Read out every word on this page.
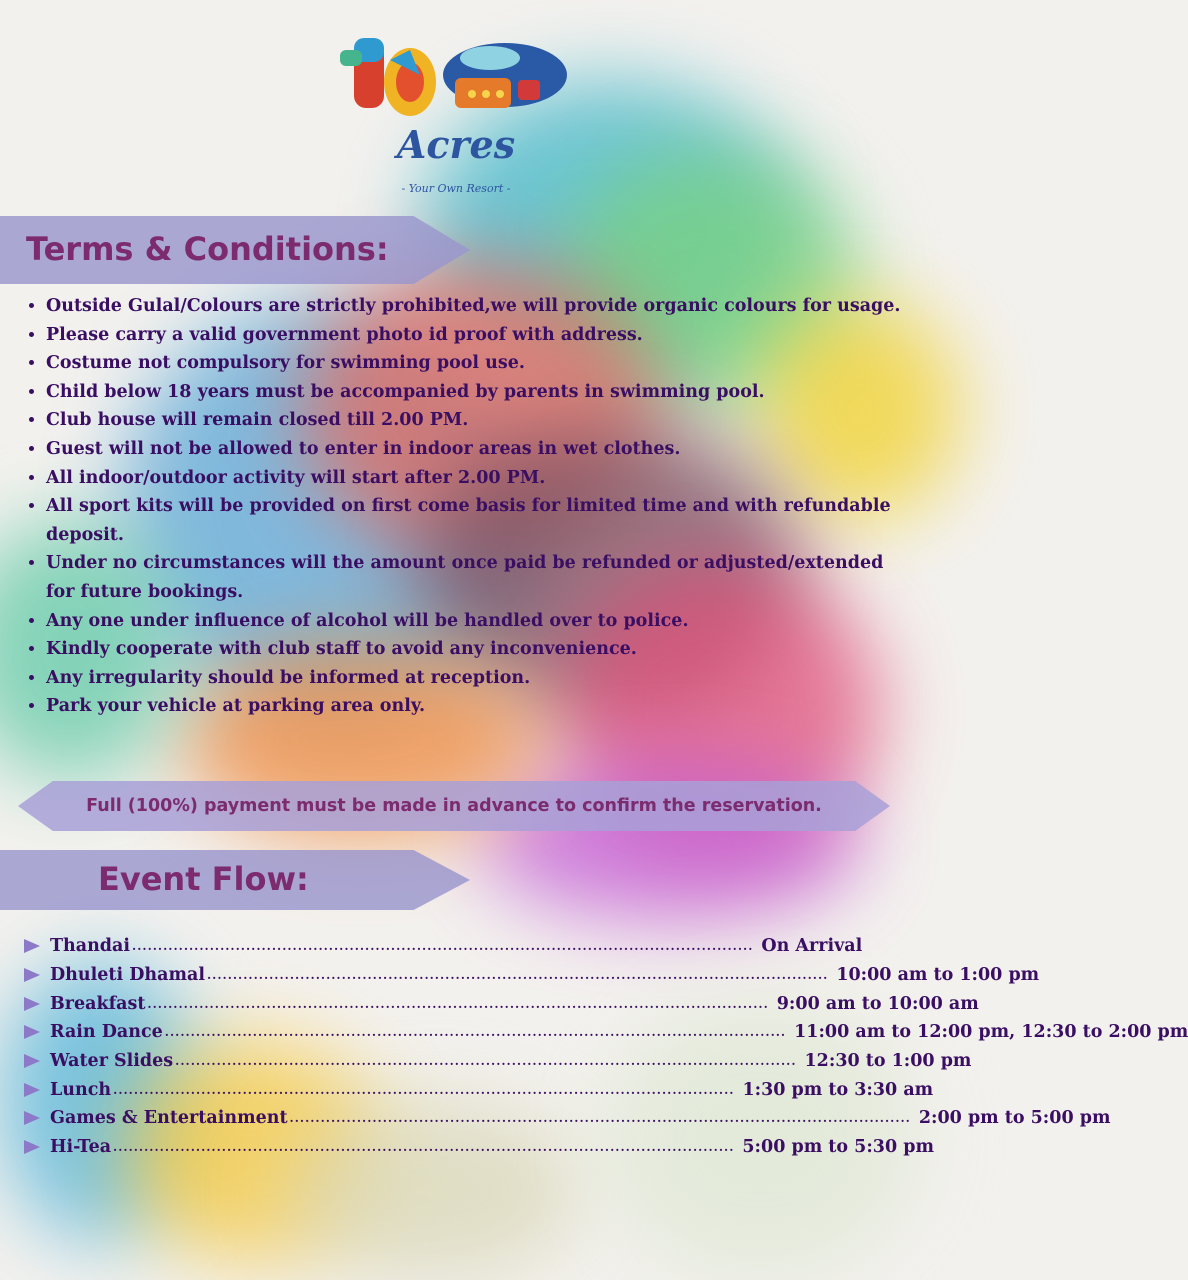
Acres
- Your Own Resort -
Terms & Conditions:
• Outside Gulal/Colours are strictly prohibited,we will provide organic colours for usage.
• Please carry a valid government photo id proof with address.
• Costume not compulsory for swimming pool use.
• Child below 18 years must be accompanied by parents in swimming pool.
• Club house will remain closed till 2.00 PM.
• Guest will not be allowed to enter in indoor areas in wet clothes.
• All indoor/outdoor activity will start after 2.00 PM.
• All sport kits will be provided on first come basis for limited time and with refundable deposit.
• Under no circumstances will the amount once paid be refunded or adjusted/extended for future bookings.
• Any one under influence of alcohol will be handled over to police.
• Kindly cooperate with club staff to avoid any inconvenience.
• Any irregularity should be informed at reception.
• Park your vehicle at parking area only.
Full (100%) payment must be made in advance to confirm the reservation.
Event Flow:
Thandai ........................................................................................................................ On Arrival
Dhuleti Dhamal ........................................................................................................................ 10:00 am to 1:00 pm
Breakfast ........................................................................................................................ 9:00 am to 10:00 am
Rain Dance ........................................................................................................................ 11:00 am to 12:00 pm, 12:30 to 2:00 pm
Water Slides ........................................................................................................................ 12:30 to 1:00 pm
Lunch ........................................................................................................................ 1:30 pm to 3:30 am
Games & Entertainment ........................................................................................................................ 2:00 pm to 5:00 pm
Hi-Tea ........................................................................................................................ 5:00 pm to 5:30 pm
